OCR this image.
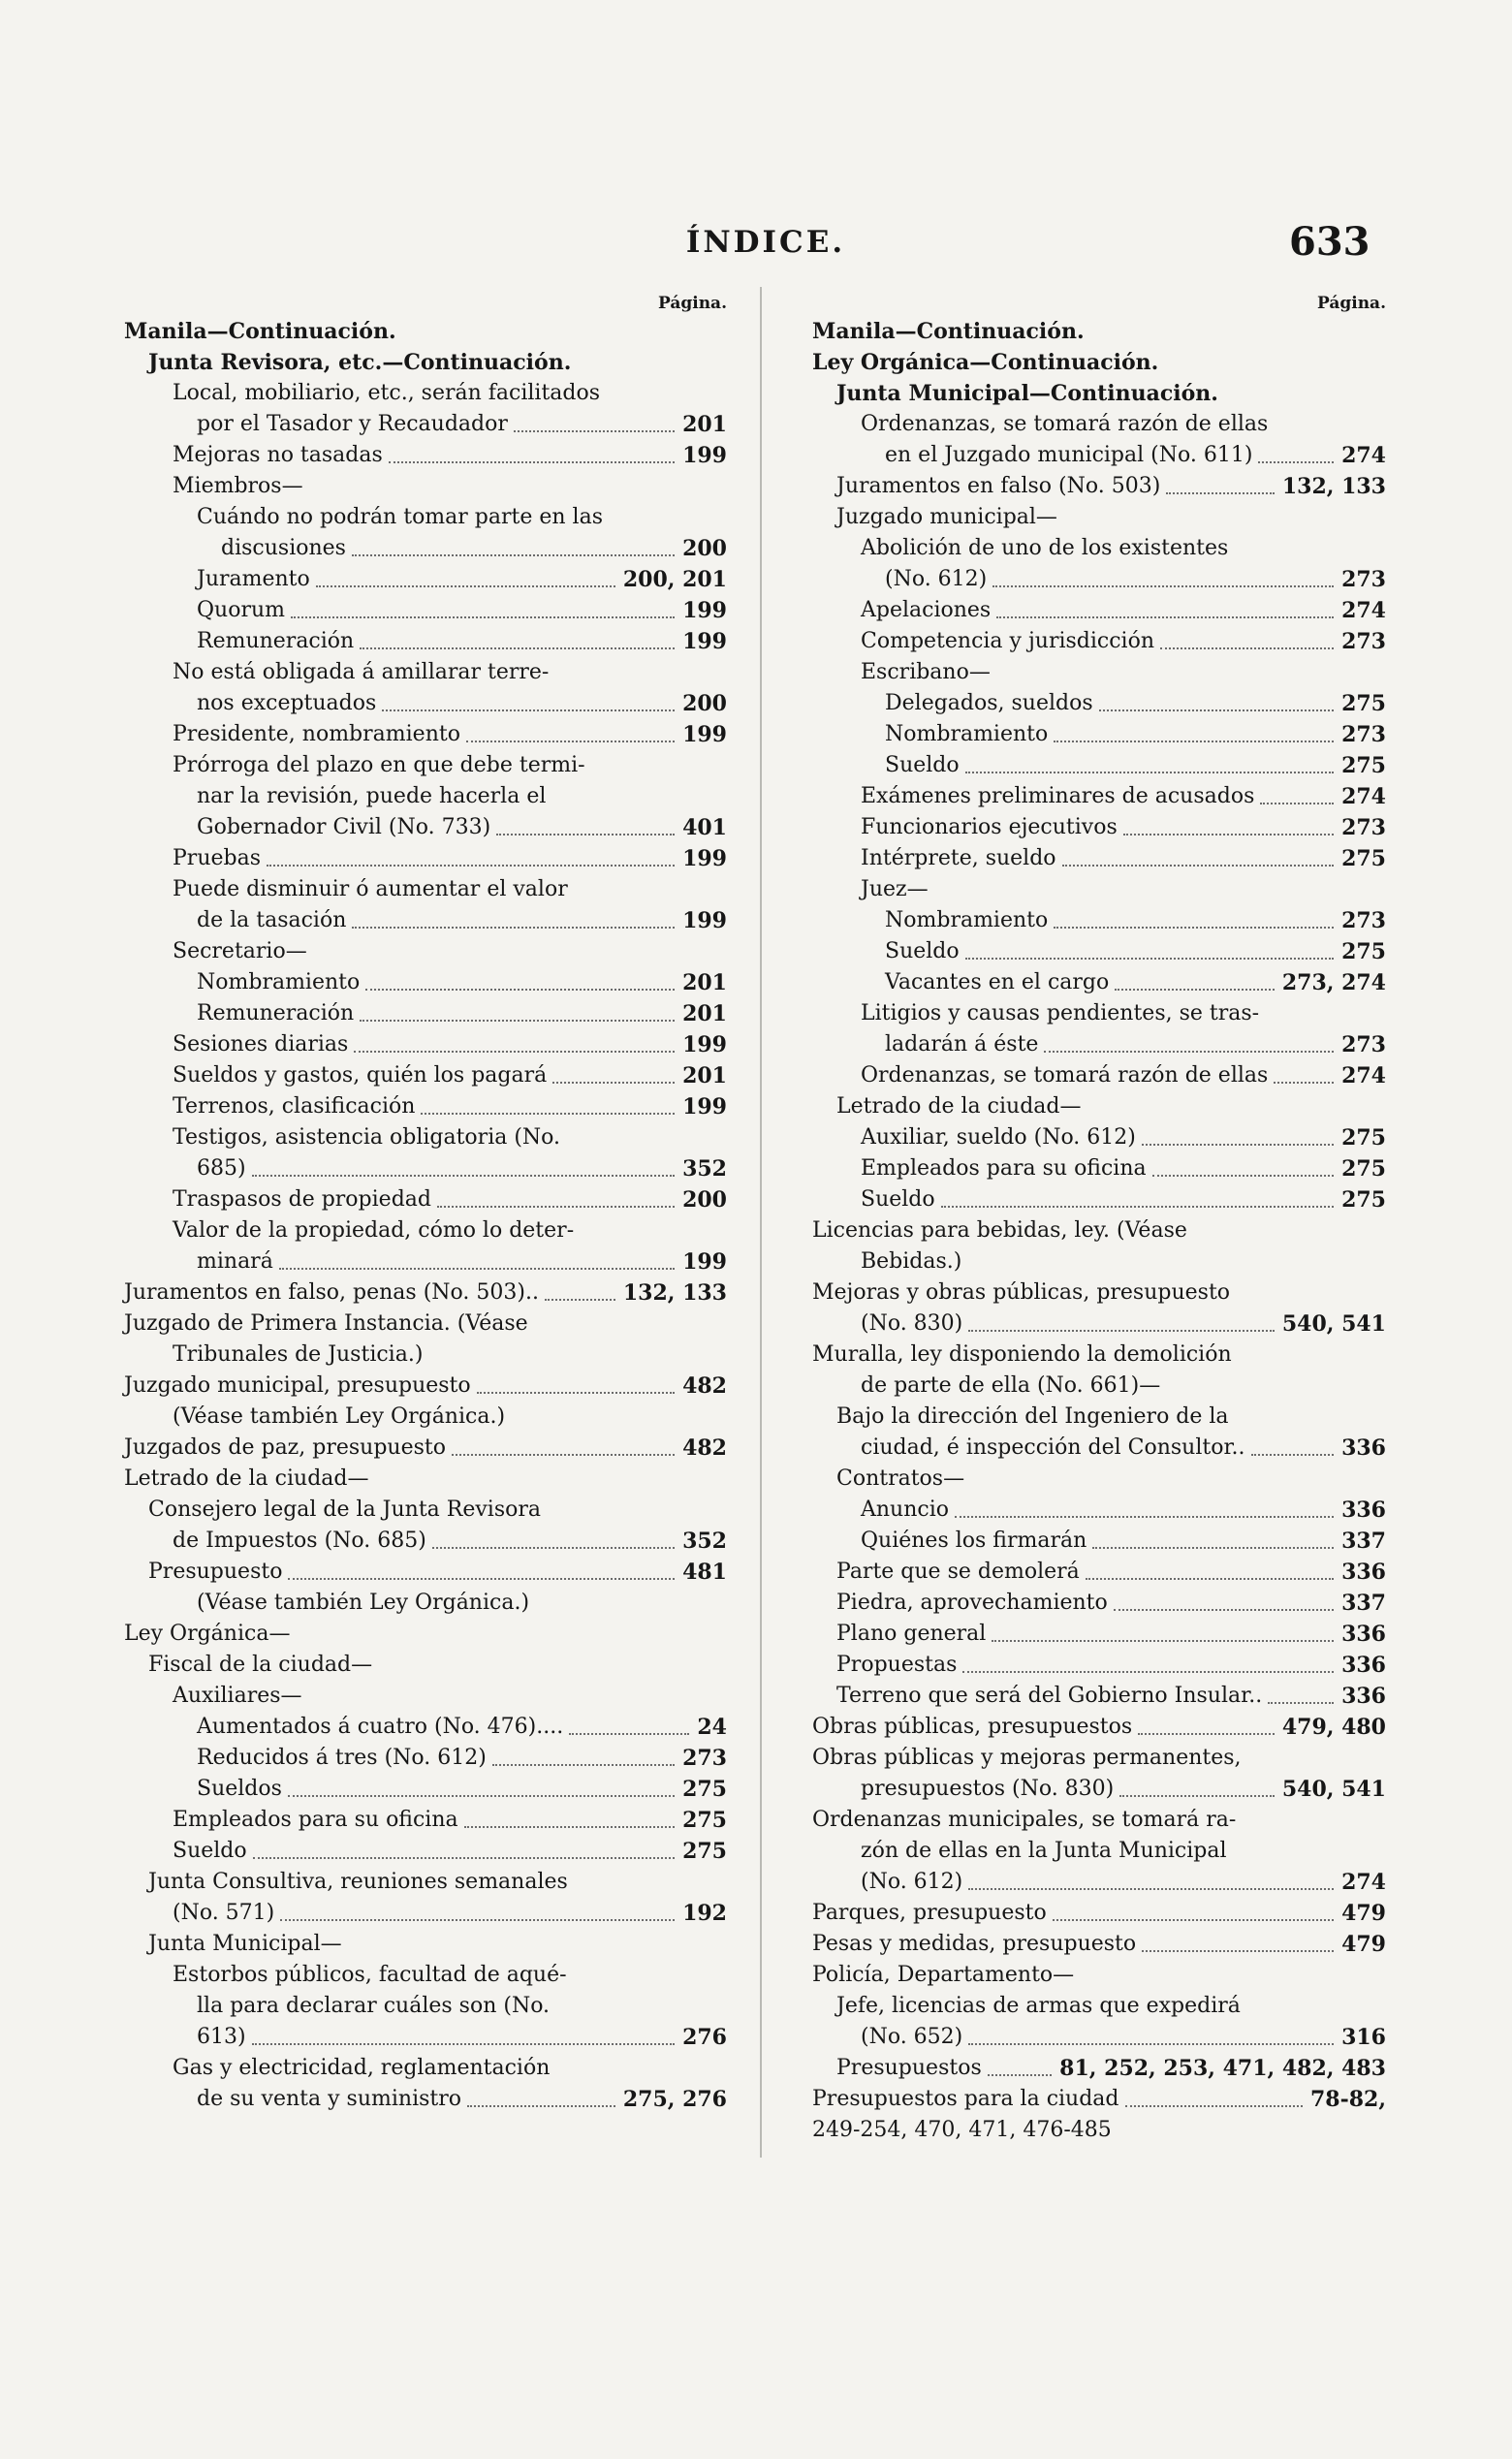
ÍNDICE.	633
Página.
Manila—Continuación.
Junta Revisora, etc.—Continuación.
Local, mobiliario, etc., serán facilitados
por el Tasador y Recaudador	201
Mejoras no tasadas	199
Miembros—
Cuándo no podrán tomar parte en las
discusiones	200
Juramento	200, 201
Quorum	199
Remuneración	199
No está obligada á amillarar terre-
nos exceptuados	200
Presidente, nombramiento	199
Prórroga del plazo en que debe termi-
nar la revisión, puede hacerla el
Gobernador Civil (No. 733)	401
Pruebas	199
Puede disminuir ó aumentar el valor
de la tasación	199
Secretario—
Nombramiento	201
Remuneración	201
Sesiones diarias	199
Sueldos y gastos, quién los pagará	201
Terrenos, clasificación	199
Testigos, asistencia obligatoria (No.
685)	352
Traspasos de propiedad	200
Valor de la propiedad, cómo lo deter-
minará	199
Juramentos en falso, penas (No. 503)..	132, 133
Juzgado de Primera Instancia. (Véase
Tribunales de Justicia.)
Juzgado municipal, presupuesto	482
(Véase también Ley Orgánica.)
Juzgados de paz, presupuesto	482
Letrado de la ciudad—
Consejero legal de la Junta Revisora
de Impuestos (No. 685)	352
Presupuesto	481
(Véase también Ley Orgánica.)
Ley Orgánica—
Fiscal de la ciudad—
Auxiliares—
Aumentados á cuatro (No. 476)....	24
Reducidos á tres (No. 612)	273
Sueldos	275
Empleados para su oficina	275
Sueldo	275
Junta Consultiva, reuniones semanales
(No. 571)	192
Junta Municipal—
Estorbos públicos, facultad de aqué-
lla para declarar cuáles son (No.
613)	276
Gas y electricidad, reglamentación
de su venta y suministro	275, 276
Página.
Manila—Continuación.
Ley Orgánica—Continuación.
Junta Municipal—Continuación.
Ordenanzas, se tomará razón de ellas
en el Juzgado municipal (No. 611)	274
Juramentos en falso (No. 503)	132, 133
Juzgado municipal—
Abolición de uno de los existentes
(No. 612)	273
Apelaciones	274
Competencia y jurisdicción	273
Escribano—
Delegados, sueldos	275
Nombramiento	273
Sueldo	275
Exámenes preliminares de acusados	274
Funcionarios ejecutivos	273
Intérprete, sueldo	275
Juez—
Nombramiento	273
Sueldo	275
Vacantes en el cargo	273, 274
Litigios y causas pendientes, se tras-
ladarán á éste	273
Ordenanzas, se tomará razón de ellas	274
Letrado de la ciudad—
Auxiliar, sueldo (No. 612)	275
Empleados para su oficina	275
Sueldo	275
Licencias para bebidas, ley. (Véase
Bebidas.)
Mejoras y obras públicas, presupuesto
(No. 830)	540, 541
Muralla, ley disponiendo la demolición
de parte de ella (No. 661)—
Bajo la dirección del Ingeniero de la
ciudad, é inspección del Consultor..	336
Contratos—
Anuncio	336
Quiénes los firmarán	337
Parte que se demolerá	336
Piedra, aprovechamiento	337
Plano general	336
Propuestas	336
Terreno que será del Gobierno Insular..	336
Obras públicas, presupuestos	479, 480
Obras públicas y mejoras permanentes,
presupuestos (No. 830)	540, 541
Ordenanzas municipales, se tomará ra-
zón de ellas en la Junta Municipal
(No. 612)	274
Parques, presupuesto	479
Pesas y medidas, presupuesto	479
Policía, Departamento—
Jefe, licencias de armas que expedirá
(No. 652)	316
Presupuestos	81, 252, 253, 471, 482, 483
Presupuestos para la ciudad	78-82,
249-254, 470, 471, 476-485
